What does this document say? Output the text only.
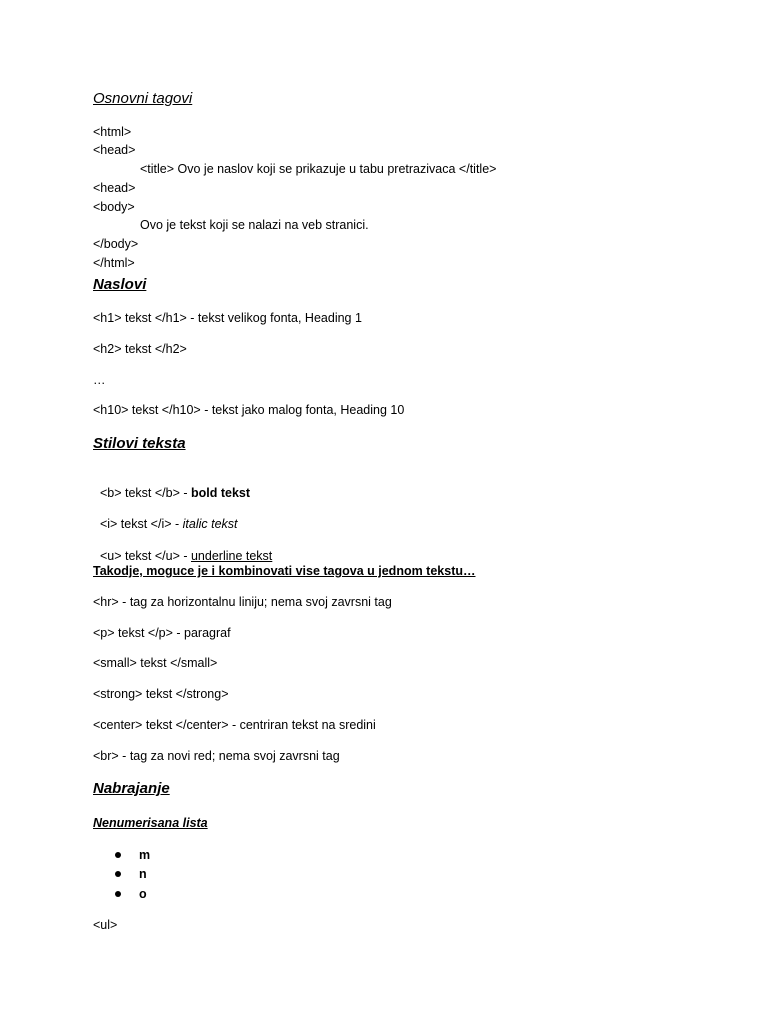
Osnovni tagovi
<html>
<head>
<title> Ovo je naslov koji se prikazuje u tabu pretrazivaca </title>
<head>
<body>
Ovo je tekst koji se nalazi na veb stranici.
</body>
</html>
Naslovi
<h1> tekst </h1> - tekst velikog fonta, Heading 1
<h2> tekst </h2>
…
<h10> tekst </h10> - tekst jako malog fonta, Heading 10
Stilovi teksta

<b> tekst </b> - bold tekst

<i> tekst </i> - italic tekst

<u> tekst </u> - underline tekst

Takodje, moguce je i kombinovati vise tagova u jednom tekstu…
<hr> - tag za horizontalnu liniju; nema svoj zavrsni tag
<p> tekst </p> - paragraf
<small> tekst </small>
<strong> tekst </strong>
<center> tekst </center> - centriran tekst na sredini
<br> - tag za novi red; nema svoj zavrsni tag
Nabrajanje
Nenumerisana lista
m
n
o
<ul>
